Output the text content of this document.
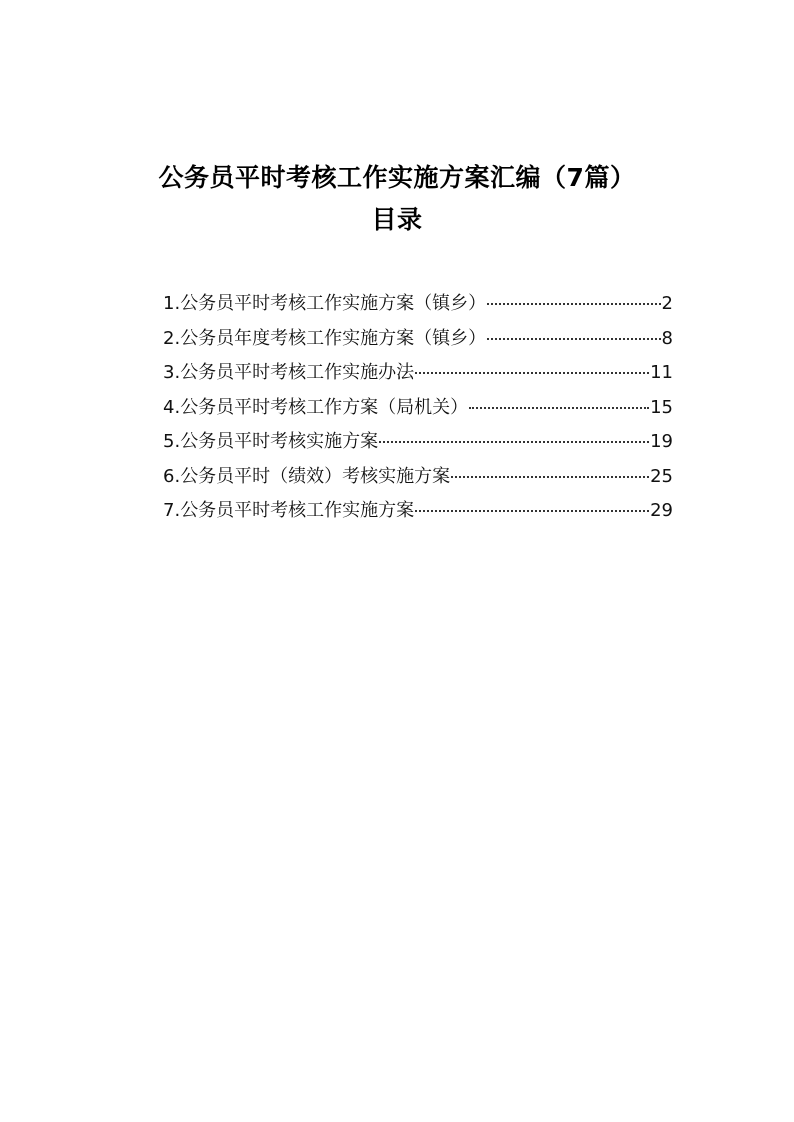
公务员平时考核工作实施方案汇编（7篇）
目录
1. 公务员平时考核工作实施方案（镇乡）	2
2. 公务员年度考核工作实施方案（镇乡）	8
3. 公务员平时考核工作实施办法	11
4. 公务员平时考核工作方案（局机关）	15
5. 公务员平时考核实施方案	19
6. 公务员平时（绩效）考核实施方案	25
7. 公务员平时考核工作实施方案	29
